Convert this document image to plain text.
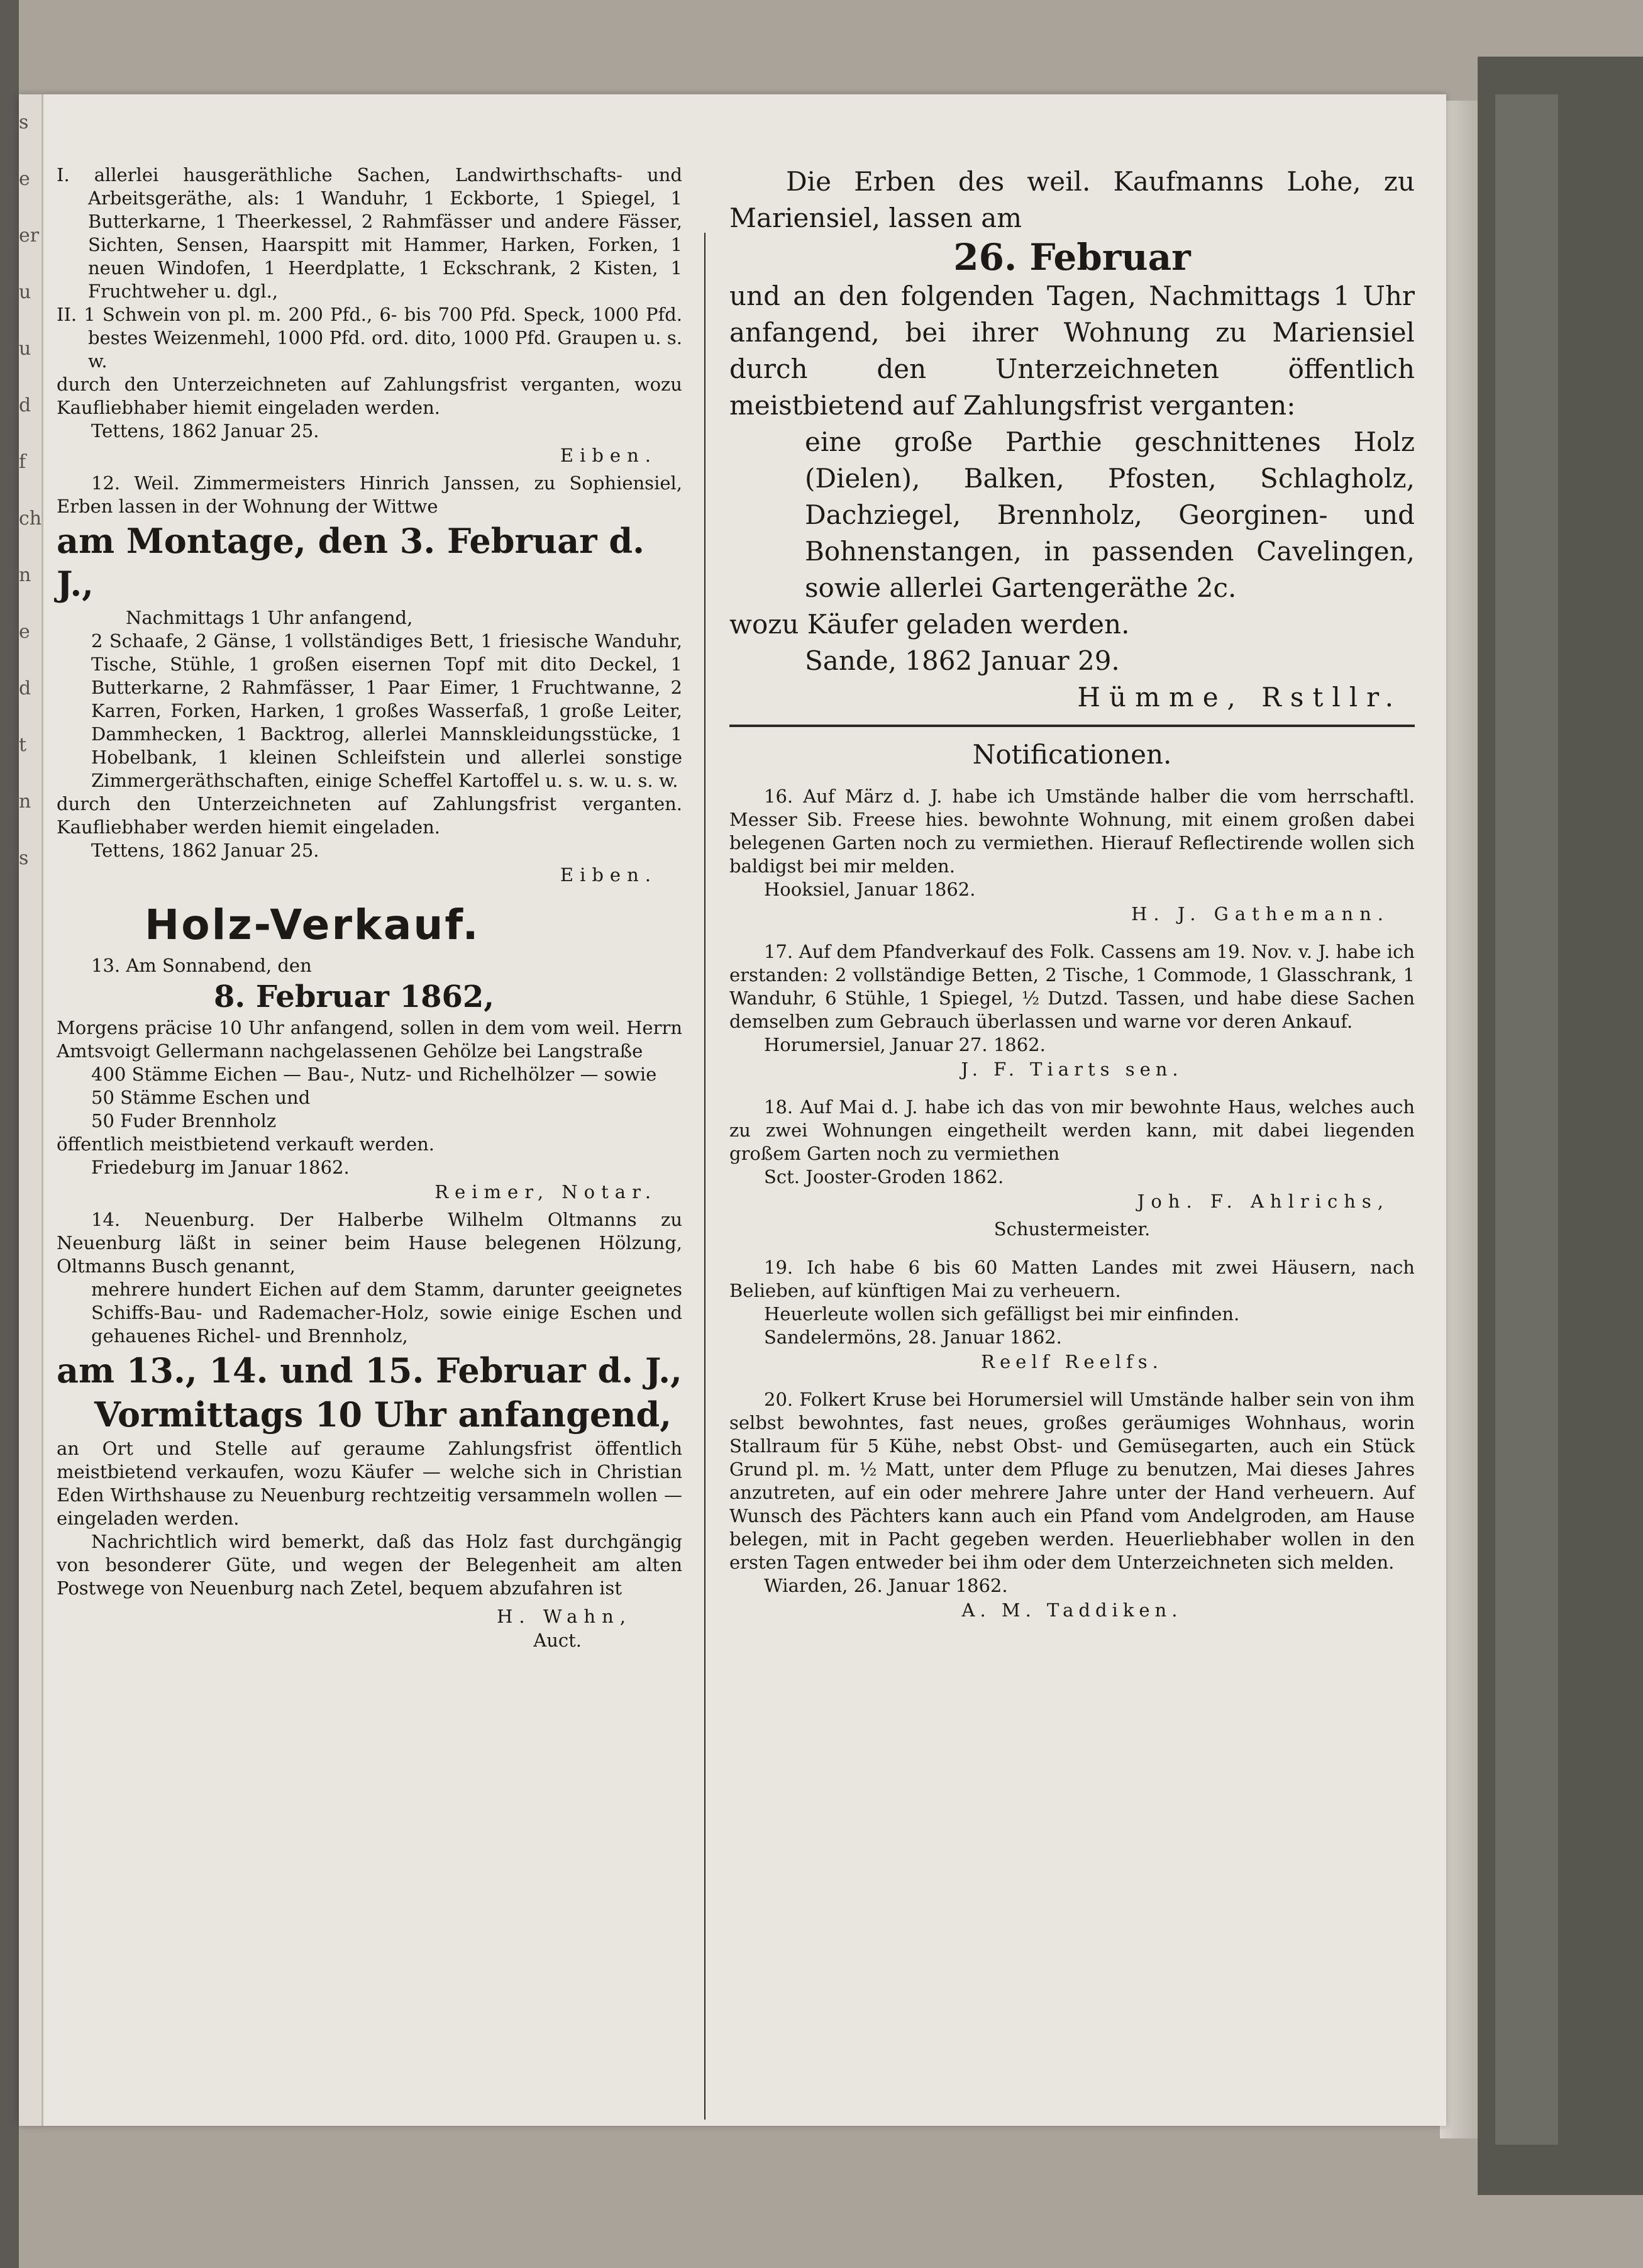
s
e
er
u
u
d
f
ch
n
e
d
t
n
s

I. allerlei hausgeräthliche Sachen, Landwirthschafts- und Arbeitsgeräthe, als: 1 Wanduhr, 1 Eckborte, 1 Spiegel, 1 Butterkarne, 1 Theerkessel, 2 Rahmfässer und andere Fässer, Sichten, Sensen, Haarspitt mit Hammer, Harken, Forken, 1 neuen Windofen, 1 Heerdplatte, 1 Eckschrank, 2 Kisten, 1 Fruchtweher u. dgl.,

II. 1 Schwein von pl. m. 200 Pfd., 6- bis 700 Pfd. Speck, 1000 Pfd. bestes Weizenmehl, 1000 Pfd. ord. dito, 1000 Pfd. Graupen u. s. w.

durch den Unterzeichneten auf Zahlungsfrist verganten, wozu Kaufliebhaber hiemit eingeladen werden.

Tettens, 1862 Januar 25.

Eiben.

12. Weil. Zimmermeisters Hinrich Janssen, zu Sophiensiel, Erben lassen in der Wohnung der Wittwe

am Montage, den 3. Februar d. J.,

Nachmittags 1 Uhr anfangend,

2 Schaafe, 2 Gänse, 1 vollständiges Bett, 1 friesische Wanduhr, Tische, Stühle, 1 großen eisernen Topf mit dito Deckel, 1 Butterkarne, 2 Rahmfässer, 1 Paar Eimer, 1 Fruchtwanne, 2 Karren, Forken, Harken, 1 großes Wasserfaß, 1 große Leiter, Dammhecken, 1 Backtrog, allerlei Mannskleidungsstücke, 1 Hobelbank, 1 kleinen Schleifstein und allerlei sonstige Zimmergeräthschaften, einige Scheffel Kartoffel u. s. w. u. s. w.

durch den Unterzeichneten auf Zahlungsfrist verganten. Kaufliebhaber werden hiemit eingeladen.

Tettens, 1862 Januar 25.

Eiben.

Holz-Verkauf.

13. Am Sonnabend, den

8. Februar 1862,

Morgens präcise 10 Uhr anfangend, sollen in dem vom weil. Herrn Amtsvoigt Gellermann nachgelassenen Gehölze bei Langstraße

400 Stämme Eichen — Bau-, Nutz- und Richelhölzer — sowie

50 Stämme Eschen und

50 Fuder Brennholz

öffentlich meistbietend verkauft werden.

Friedeburg im Januar 1862.

Reimer, Notar.

14. Neuenburg. Der Halberbe Wilhelm Oltmanns zu Neuenburg läßt in seiner beim Hause belegenen Hölzung, Oltmanns Busch genannt,

mehrere hundert Eichen auf dem Stamm, darunter geeignetes Schiffs-Bau- und Rademacher-Holz, sowie einige Eschen und gehauenes Richel- und Brennholz,

am 13., 14. und 15. Februar d. J.,

Vormittags 10 Uhr anfangend,

an Ort und Stelle auf geraume Zahlungsfrist öffentlich meistbietend verkaufen, wozu Käufer — welche sich in Christian Eden Wirthshause zu Neuenburg rechtzeitig versammeln wollen — eingeladen werden.

Nachrichtlich wird bemerkt, daß das Holz fast durchgängig von besonderer Güte, und wegen der Belegenheit am alten Postwege von Neuenburg nach Zetel, bequem abzufahren ist

H. Wahn,

Auct.

Die Erben des weil. Kaufmanns Lohe, zu Mariensiel, lassen am

26. Februar

und an den folgenden Tagen, Nachmittags 1 Uhr anfangend, bei ihrer Wohnung zu Mariensiel durch den Unterzeichneten öffentlich meistbietend auf Zahlungsfrist verganten:

eine große Parthie geschnittenes Holz (Dielen), Balken, Pfosten, Schlagholz, Dachziegel, Brennholz, Georginen- und Bohnenstangen, in passenden Cavelingen, sowie allerlei Gartengeräthe 2c.

wozu Käufer geladen werden.

Sande, 1862 Januar 29.

Hümme, Rstllr.

Notificationen.

16. Auf März d. J. habe ich Umstände halber die vom herrschaftl. Messer Sib. Freese hies. bewohnte Wohnung, mit einem großen dabei belegenen Garten noch zu vermiethen. Hierauf Reflectirende wollen sich baldigst bei mir melden.

Hooksiel, Januar 1862.

H. J. Gathemann.

17. Auf dem Pfandverkauf des Folk. Cassens am 19. Nov. v. J. habe ich erstanden: 2 vollständige Betten, 2 Tische, 1 Commode, 1 Glasschrank, 1 Wanduhr, 6 Stühle, 1 Spiegel, ½ Dutzd. Tassen, und habe diese Sachen demselben zum Gebrauch überlassen und warne vor deren Ankauf.

Horumersiel, Januar 27. 1862.

J. F. Tiarts sen.

18. Auf Mai d. J. habe ich das von mir bewohnte Haus, welches auch zu zwei Wohnungen eingetheilt werden kann, mit dabei liegenden großem Garten noch zu vermiethen

Sct. Jooster-Groden 1862.

Joh. F. Ahlrichs,

Schustermeister.

19. Ich habe 6 bis 60 Matten Landes mit zwei Häusern, nach Belieben, auf künftigen Mai zu verheuern.

Heuerleute wollen sich gefälligst bei mir einfinden.

Sandelermöns, 28. Januar 1862.

Reelf Reelfs.

20. Folkert Kruse bei Horumersiel will Umstände halber sein von ihm selbst bewohntes, fast neues, großes geräumiges Wohnhaus, worin Stallraum für 5 Kühe, nebst Obst- und Gemüsegarten, auch ein Stück Grund pl. m. ½ Matt, unter dem Pfluge zu benutzen, Mai dieses Jahres anzutreten, auf ein oder mehrere Jahre unter der Hand verheuern. Auf Wunsch des Pächters kann auch ein Pfand vom Andelgroden, am Hause belegen, mit in Pacht gegeben werden. Heuerliebhaber wollen in den ersten Tagen entweder bei ihm oder dem Unterzeichneten sich melden.

Wiarden, 26. Januar 1862.

A. M. Taddiken.
